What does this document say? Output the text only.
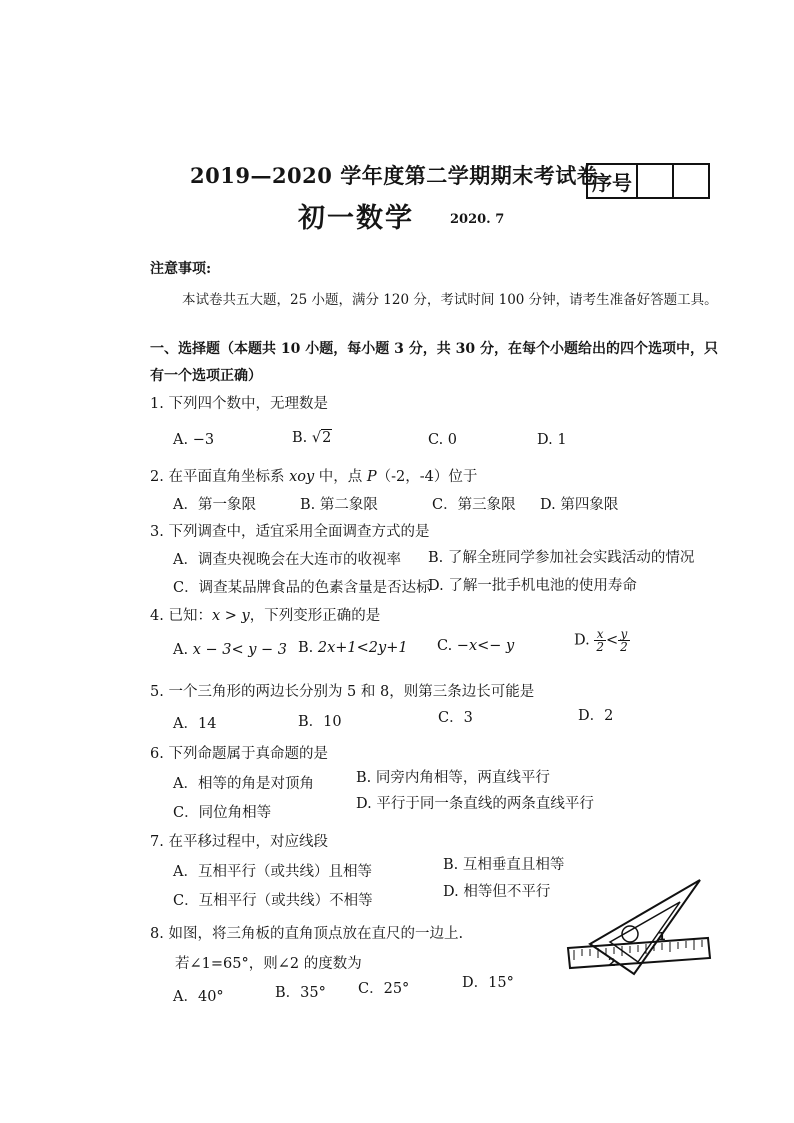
2019—2020 学年度第二学期期末考试卷
序号
初一数学	2020. 7
注意事项:
本试卷共五大题，25 小题，满分 120 分，考试时间 100 分钟，请考生准备好答题工具。
一、选择题（本题共 10 小题，每小题 3 分，共 30 分，在每个小题给出的四个选项中，只
有一个选项正确）
1. 下列四个数中，无理数是
A. −3	B. √2	C. 0	D. 1
2. 在平面直角坐标系 xoy 中，点 P（-2，-4）位于
A．第一象限	B. 第二象限	C．第三象限 D. 第四象限
3. 下列调查中，适宜采用全面调查方式的是
A．调查央视晚会在大连市的收视率 B. 了解全班同学参加社会实践活动的情况
C．调查某品牌食品的色素含量是否达标
D. 了解一批手机电池的使用寿命
4. 已知：x > y，下列变形正确的是
A. x − 3< y − 3 B. 2x+1<2y+1 C. −x<− y	D. $\frac{x}{2} < \frac{y}{2}$
5. 一个三角形的两边长分别为 5 和 8，则第三条边长可能是
A．14	B．10	C．3	D．2
6. 下列命题属于真命题的是
A．相等的角是对顶角	B. 同旁内角相等，两直线平行
C．同位角相等
D. 平行于同一条直线的两条直线平行
7. 在平移过程中，对应线段
A．互相平行（或共线）且相等	B. 互相垂直且相等
C．互相平行（或共线）不相等
D. 相等但不平行
8. 如图，将三角板的直角顶点放在直尺的一边上.
若∠1=65°，则∠2 的度数为
A．40°	B．35° C．25°	D．15°
1
2
